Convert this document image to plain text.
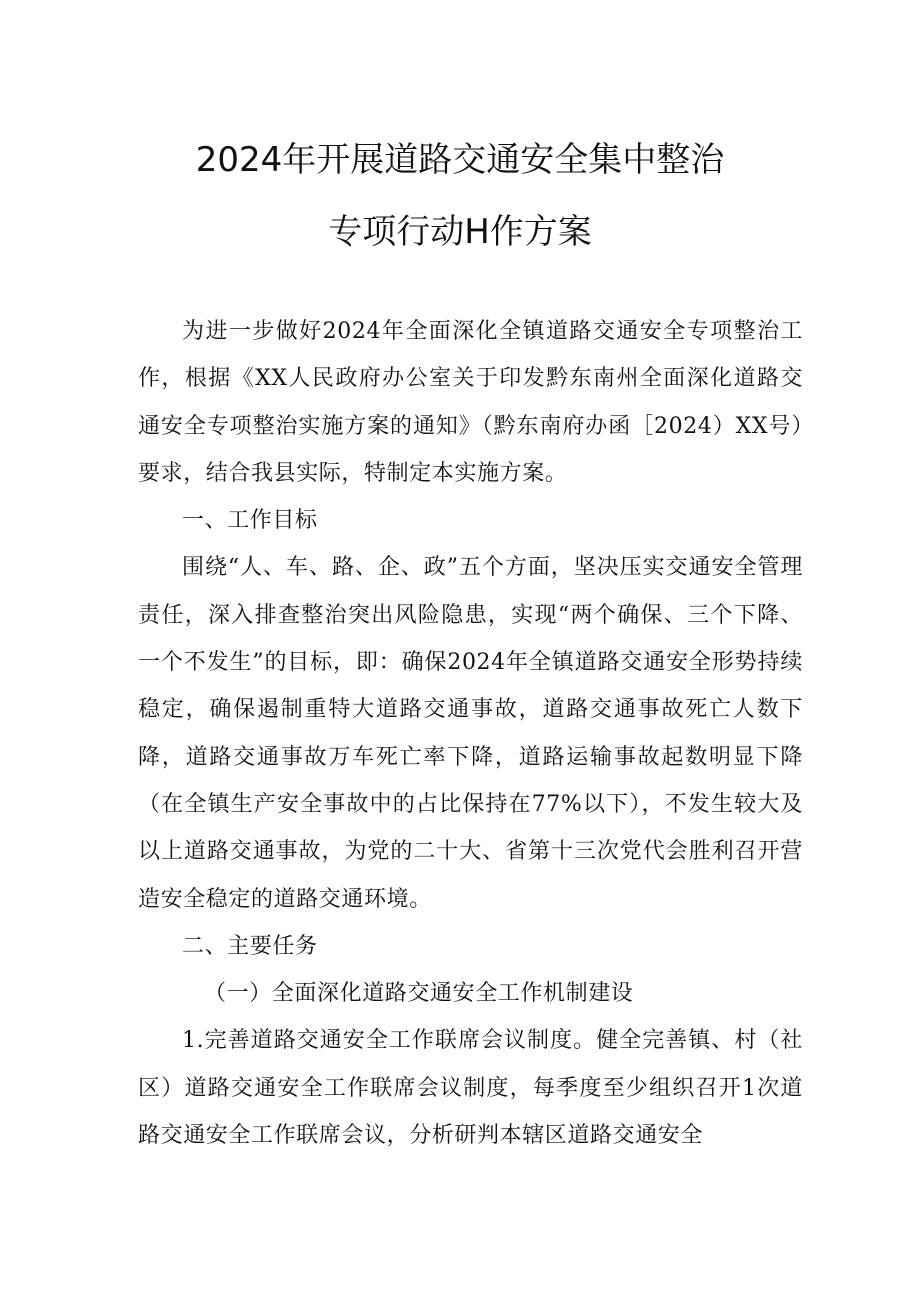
2024年开展道路交通安全集中整治
专项行动H作方案

为进一步做好2024年全面深化全镇道路交通安全专项整治工作，根据《XX人民政府办公室关于印发黔东南州全面深化道路交通安全专项整治实施方案的通知》（黔东南府办函［2024）XX号）要求，结合我县实际，特制定本实施方案。

一、工作目标

围绕“人、车、路、企、政”五个方面，坚决压实交通安全管理责任，深入排查整治突出风险隐患，实现“两个确保、三个下降、一个不发生”的目标，即：确保2024年全镇道路交通安全形势持续稳定，确保遏制重特大道路交通事故，道路交通事故死亡人数下降，道路交通事故万车死亡率下降，道路运输事故起数明显下降（在全镇生产安全事故中的占比保持在77%以下），不发生较大及以上道路交通事故，为党的二十大、省第十三次党代会胜利召开营造安全稳定的道路交通环境。

二、主要任务

（一）全面深化道路交通安全工作机制建设

1.完善道路交通安全工作联席会议制度。健全完善镇、村（社区）道路交通安全工作联席会议制度，每季度至少组织召开1次道路交通安全工作联席会议，分析研判本辖区道路交通安全
